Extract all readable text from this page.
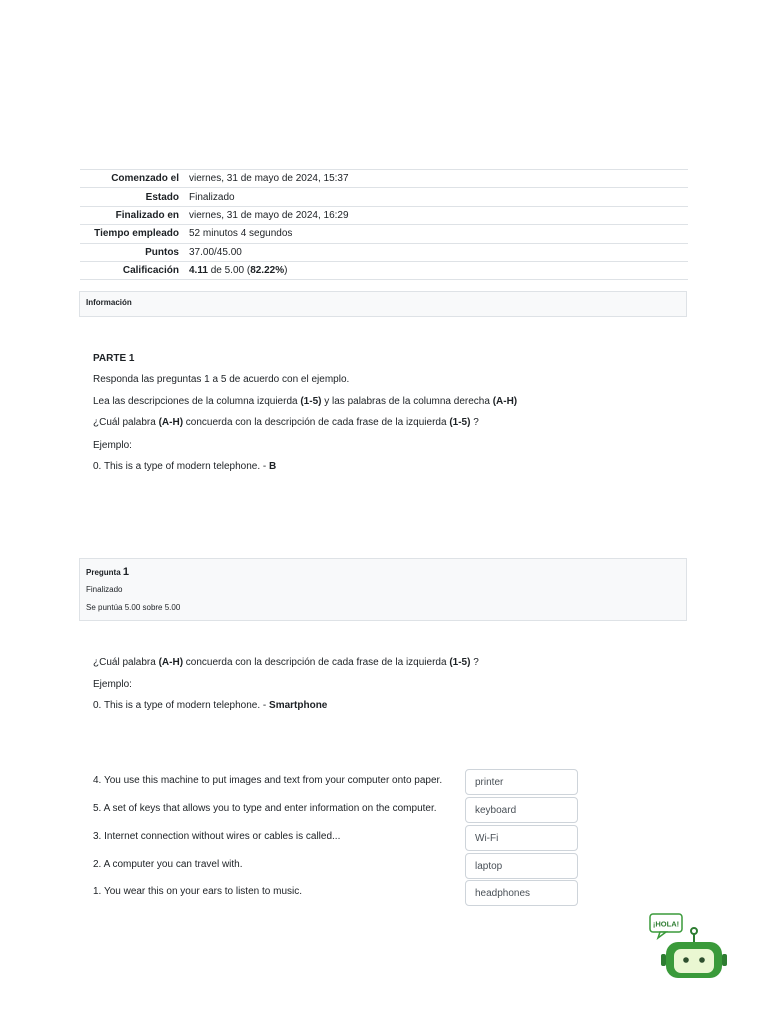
Comenzado el	viernes, 31 de mayo de 2024, 15:37
Estado	Finalizado
Finalizado en	viernes, 31 de mayo de 2024, 16:29
Tiempo empleado	52 minutos 4 segundos
Puntos	37.00/45.00
Calificación	4.11 de 5.00 (82.22%)
Información
PARTE 1
Responda las preguntas 1 a 5 de acuerdo con el ejemplo.
Lea las descripciones de la columna izquierda (1-5) y las palabras de la columna derecha (A-H)
¿Cuál palabra (A-H) concuerda con la descripción de cada frase de la izquierda (1-5) ?
Ejemplo:
0. This is a type of modern telephone. - B
Pregunta 1
Finalizado
Se puntúa 5.00 sobre 5.00
¿Cuál palabra (A-H) concuerda con la descripción de cada frase de la izquierda (1-5) ?
Ejemplo:
0. This is a type of modern telephone. - Smartphone
4. You use this machine to put images and text from your computer onto paper.	printer
5. A set of keys that allows you to type and enter information on the computer.	keyboard
3. Internet connection without wires or cables is called...	Wi-Fi
2. A computer you can travel with.	laptop
1. You wear this on your ears to listen to music.	headphones
¡HOLA!
